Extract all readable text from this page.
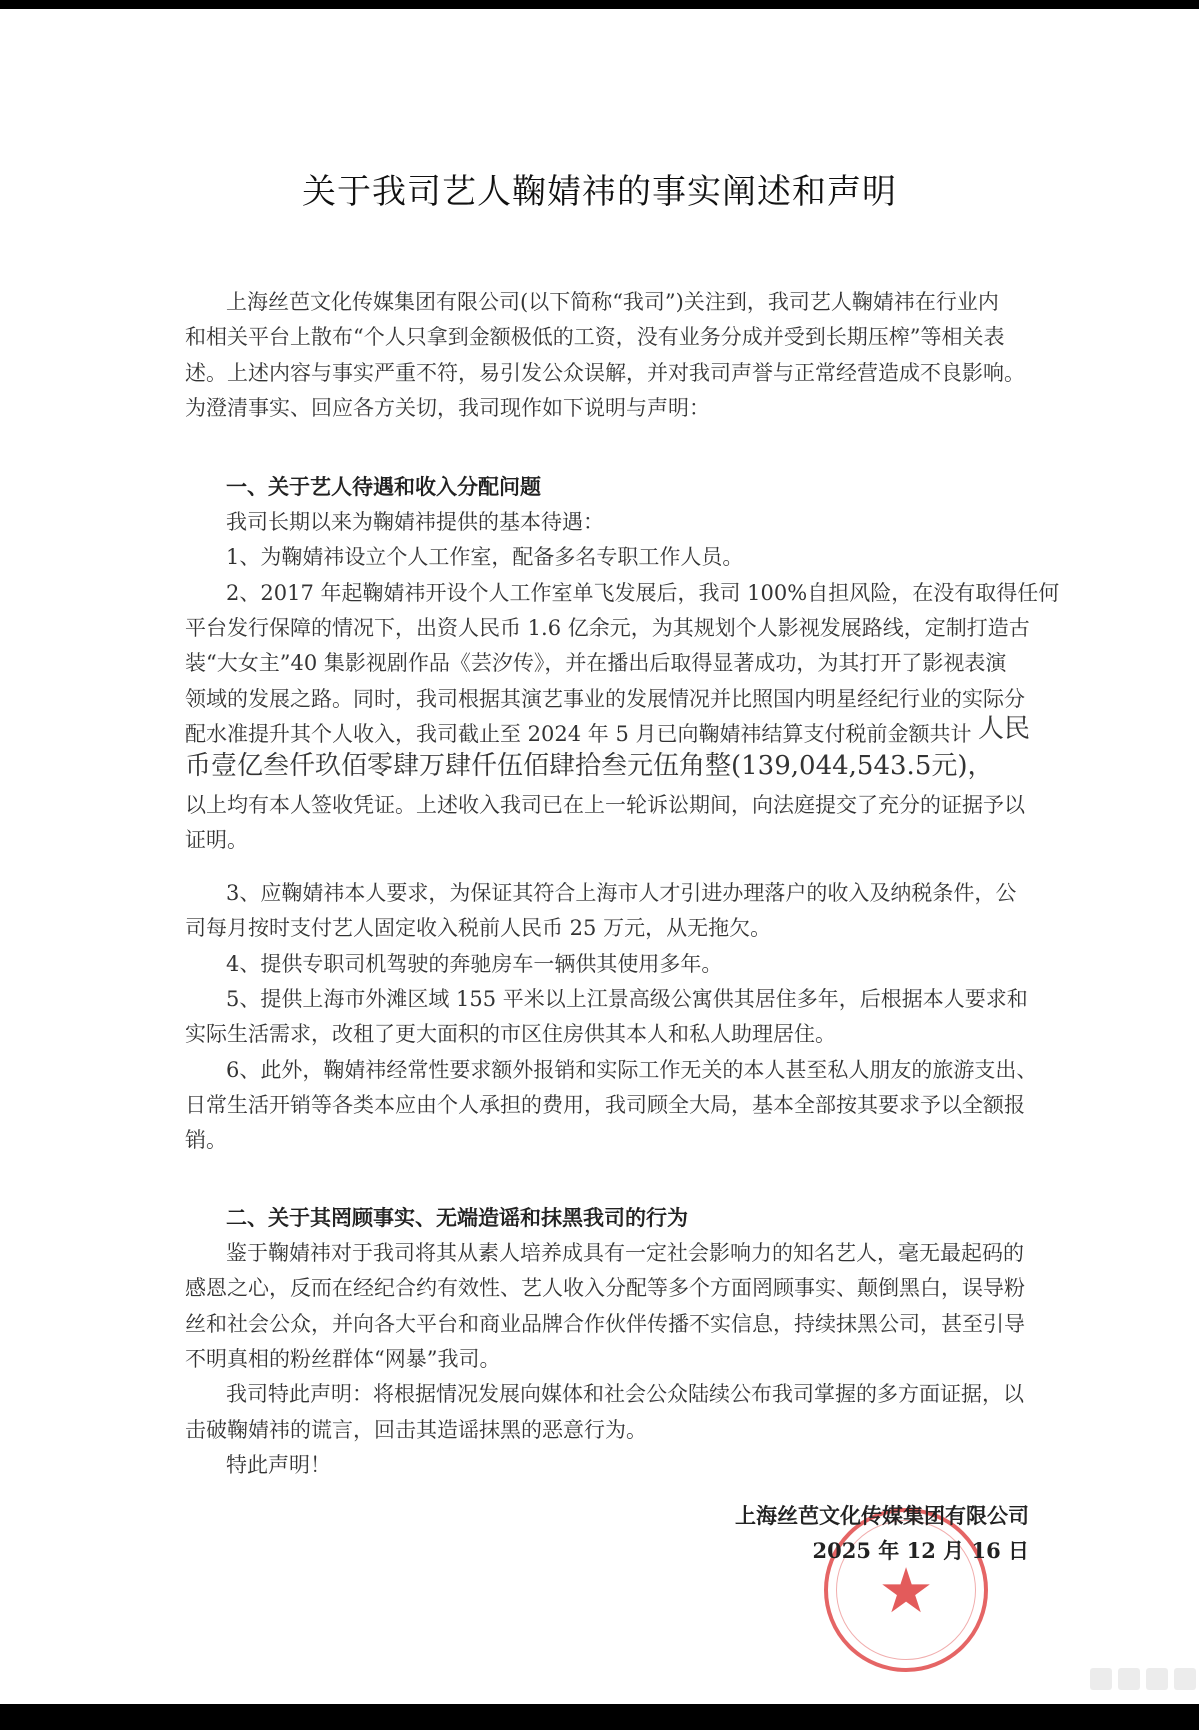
关于我司艺人鞠婧祎的事实阐述和声明
上海丝芭文化传媒集团有限公司(以下简称“我司”)关注到，我司艺人鞠婧祎在行业内
和相关平台上散布“个人只拿到金额极低的工资，没有业务分成并受到长期压榨”等相关表
述。上述内容与事实严重不符，易引发公众误解，并对我司声誉与正常经营造成不良影响。
为澄清事实、回应各方关切，我司现作如下说明与声明：
一、关于艺人待遇和收入分配问题
我司长期以来为鞠婧祎提供的基本待遇：
1、为鞠婧祎设立个人工作室，配备多名专职工作人员。
2、2017 年起鞠婧祎开设个人工作室单飞发展后，我司 100%自担风险，在没有取得任何
平台发行保障的情况下，出资人民币 1.6 亿余元，为其规划个人影视发展路线，定制打造古
装“大女主”40 集影视剧作品《芸汐传》，并在播出后取得显著成功，为其打开了影视表演
领域的发展之路。同时，我司根据其演艺事业的发展情况并比照国内明星经纪行业的实际分
配水准提升其个人收入，我司截止至 2024 年 5 月已向鞠婧祎结算支付税前金额共计 人民
币壹亿叁仟玖佰零肆万肆仟伍佰肆拾叁元伍角整(139,044,543.5元)，
以上均有本人签收凭证。上述收入我司已在上一轮诉讼期间，向法庭提交了充分的证据予以
证明。
3、应鞠婧祎本人要求，为保证其符合上海市人才引进办理落户的收入及纳税条件，公
司每月按时支付艺人固定收入税前人民币 25 万元，从无拖欠。
4、提供专职司机驾驶的奔驰房车一辆供其使用多年。
5、提供上海市外滩区域 155 平米以上江景高级公寓供其居住多年，后根据本人要求和
实际生活需求，改租了更大面积的市区住房供其本人和私人助理居住。
6、此外，鞠婧祎经常性要求额外报销和实际工作无关的本人甚至私人朋友的旅游支出、
日常生活开销等各类本应由个人承担的费用，我司顾全大局，基本全部按其要求予以全额报
销。
二、关于其罔顾事实、无端造谣和抹黑我司的行为
鉴于鞠婧祎对于我司将其从素人培养成具有一定社会影响力的知名艺人，毫无最起码的
感恩之心，反而在经纪合约有效性、艺人收入分配等多个方面罔顾事实、颠倒黑白，误导粉
丝和社会公众，并向各大平台和商业品牌合作伙伴传播不实信息，持续抹黑公司，甚至引导
不明真相的粉丝群体“网暴”我司。
我司特此声明：将根据情况发展向媒体和社会公众陆续公布我司掌握的多方面证据，以
击破鞠婧祎的谎言，回击其造谣抹黑的恶意行为。
特此声明！
★
上海丝芭文化传媒集团有限公司
2025 年 12 月 16 日
